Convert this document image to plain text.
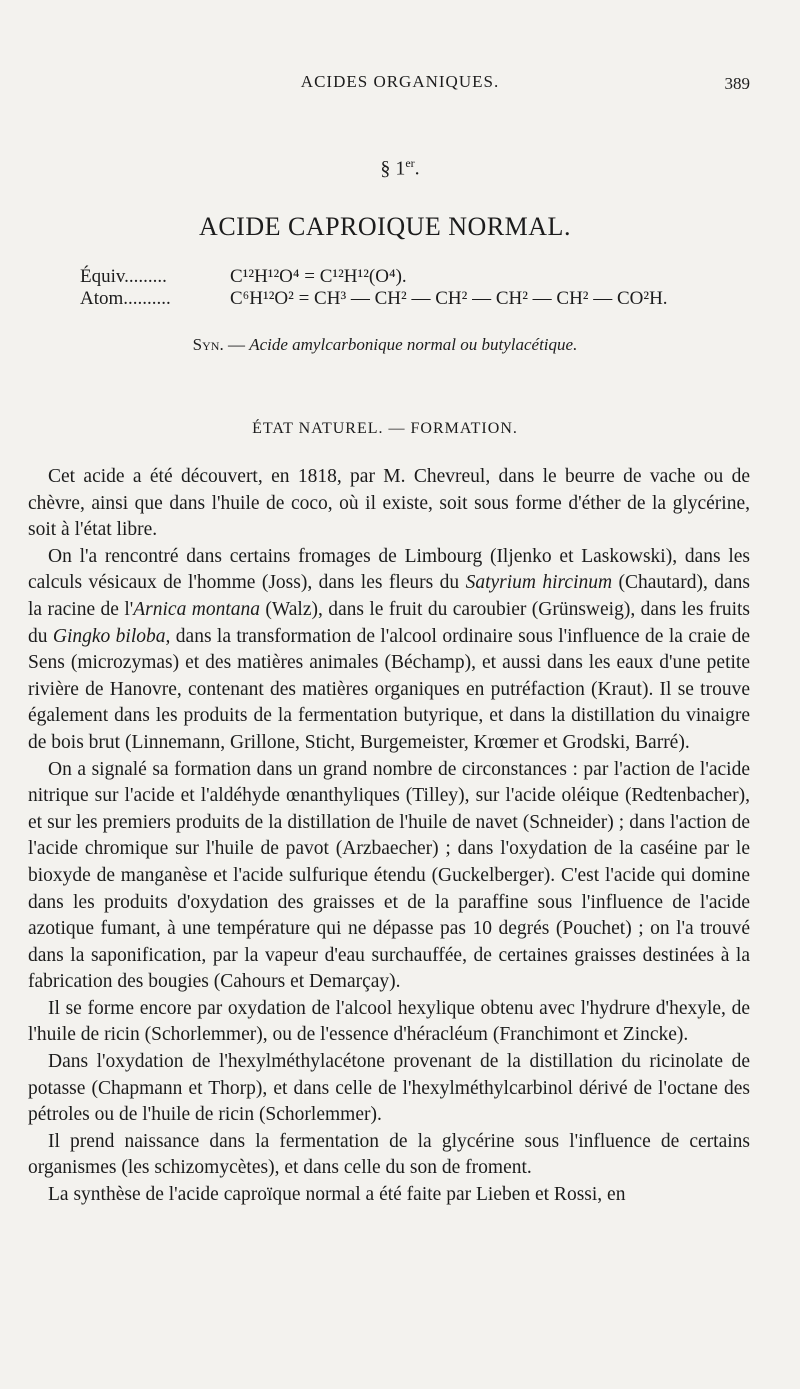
ACIDES ORGANIQUES.	389
§ 1er.
ACIDE CAPROIQUE NORMAL.
Équiv.........	C¹²H¹²O⁴ = C¹²H¹²(O⁴).
Atom..........	C⁶H¹²O² = CH³ — CH² — CH² — CH² — CH² — CO²H.
Syn. — Acide amylcarbonique normal ou butylacétique.
ÉTAT NATUREL. — FORMATION.

Cet acide a été découvert, en 1818, par M. Chevreul, dans le beurre de vache ou de chèvre, ainsi que dans l'huile de coco, où il existe, soit sous forme d'éther de la glycérine, soit à l'état libre.

On l'a rencontré dans certains fromages de Limbourg (Iljenko et Laskowski), dans les calculs vésicaux de l'homme (Joss), dans les fleurs du Satyrium hircinum (Chautard), dans la racine de l'Arnica montana (Walz), dans le fruit du caroubier (Grünsweig), dans les fruits du Gingko biloba, dans la transformation de l'alcool ordinaire sous l'influence de la craie de Sens (microzymas) et des matières animales (Béchamp), et aussi dans les eaux d'une petite rivière de Hanovre, contenant des matières organiques en putréfaction (Kraut). Il se trouve également dans les produits de la fermentation butyrique, et dans la distillation du vinaigre de bois brut (Linnemann, Grillone, Sticht, Burgemeister, Krœmer et Grodski, Barré).

On a signalé sa formation dans un grand nombre de circonstances : par l'action de l'acide nitrique sur l'acide et l'aldéhyde œnanthyliques (Tilley), sur l'acide oléique (Redtenbacher), et sur les premiers produits de la distillation de l'huile de navet (Schneider) ; dans l'action de l'acide chromique sur l'huile de pavot (Arzbaecher) ; dans l'oxydation de la caséine par le bioxyde de manganèse et l'acide sulfurique étendu (Guckelberger). C'est l'acide qui domine dans les produits d'oxydation des graisses et de la paraffine sous l'influence de l'acide azotique fumant, à une température qui ne dépasse pas 10 degrés (Pouchet) ; on l'a trouvé dans la saponification, par la vapeur d'eau surchauffée, de certaines graisses destinées à la fabrication des bougies (Cahours et Demarçay).

Il se forme encore par oxydation de l'alcool hexylique obtenu avec l'hydrure d'hexyle, de l'huile de ricin (Schorlemmer), ou de l'essence d'héracléum (Franchimont et Zincke).

Dans l'oxydation de l'hexylméthylacétone provenant de la distillation du ricinolate de potasse (Chapmann et Thorp), et dans celle de l'hexylméthylcarbinol dérivé de l'octane des pétroles ou de l'huile de ricin (Schorlemmer).

Il prend naissance dans la fermentation de la glycérine sous l'influence de certains organismes (les schizomycètes), et dans celle du son de froment.

La synthèse de l'acide caproïque normal a été faite par Lieben et Rossi, en
